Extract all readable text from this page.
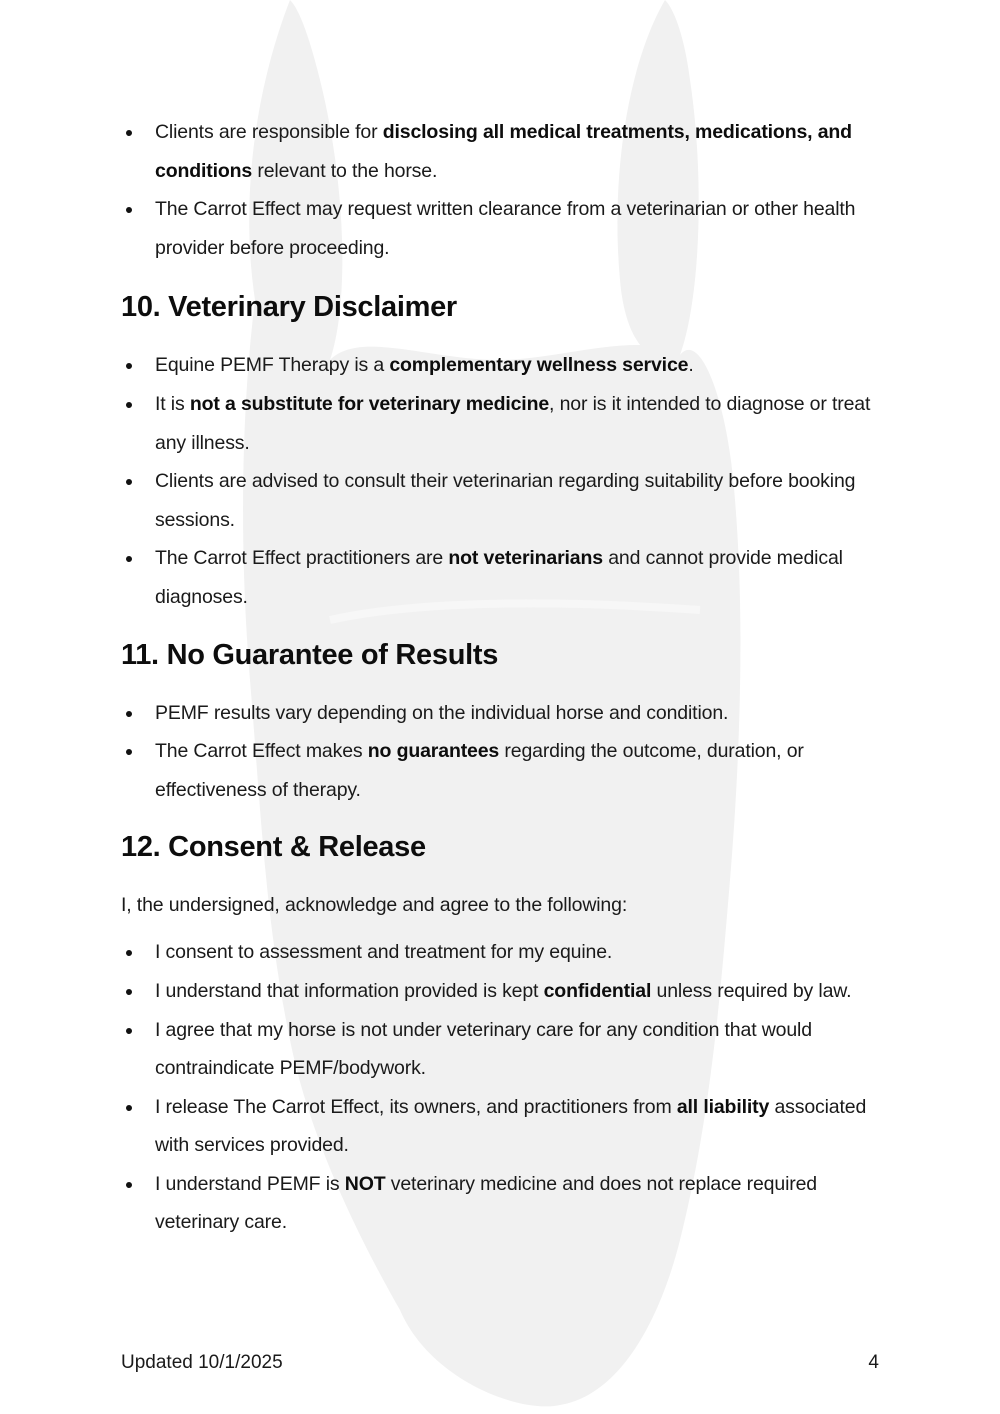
Clients are responsible for disclosing all medical treatments, medications, and conditions relevant to the horse.
The Carrot Effect may request written clearance from a veterinarian or other health provider before proceeding.
10. Veterinary Disclaimer
Equine PEMF Therapy is a complementary wellness service.
It is not a substitute for veterinary medicine, nor is it intended to diagnose or treat any illness.
Clients are advised to consult their veterinarian regarding suitability before booking sessions.
The Carrot Effect practitioners are not veterinarians and cannot provide medical diagnoses.
11. No Guarantee of Results
PEMF results vary depending on the individual horse and condition.
The Carrot Effect makes no guarantees regarding the outcome, duration, or effectiveness of therapy.
12. Consent & Release

I, the undersigned, acknowledge and agree to the following:

I consent to assessment and treatment for my equine.
I understand that information provided is kept confidential unless required by law.
I agree that my horse is not under veterinary care for any condition that would contraindicate PEMF/bodywork.
I release The Carrot Effect, its owners, and practitioners from all liability associated with services provided.
I understand PEMF is NOT veterinary medicine and does not replace required veterinary care.
Updated 10/1/2025	4
